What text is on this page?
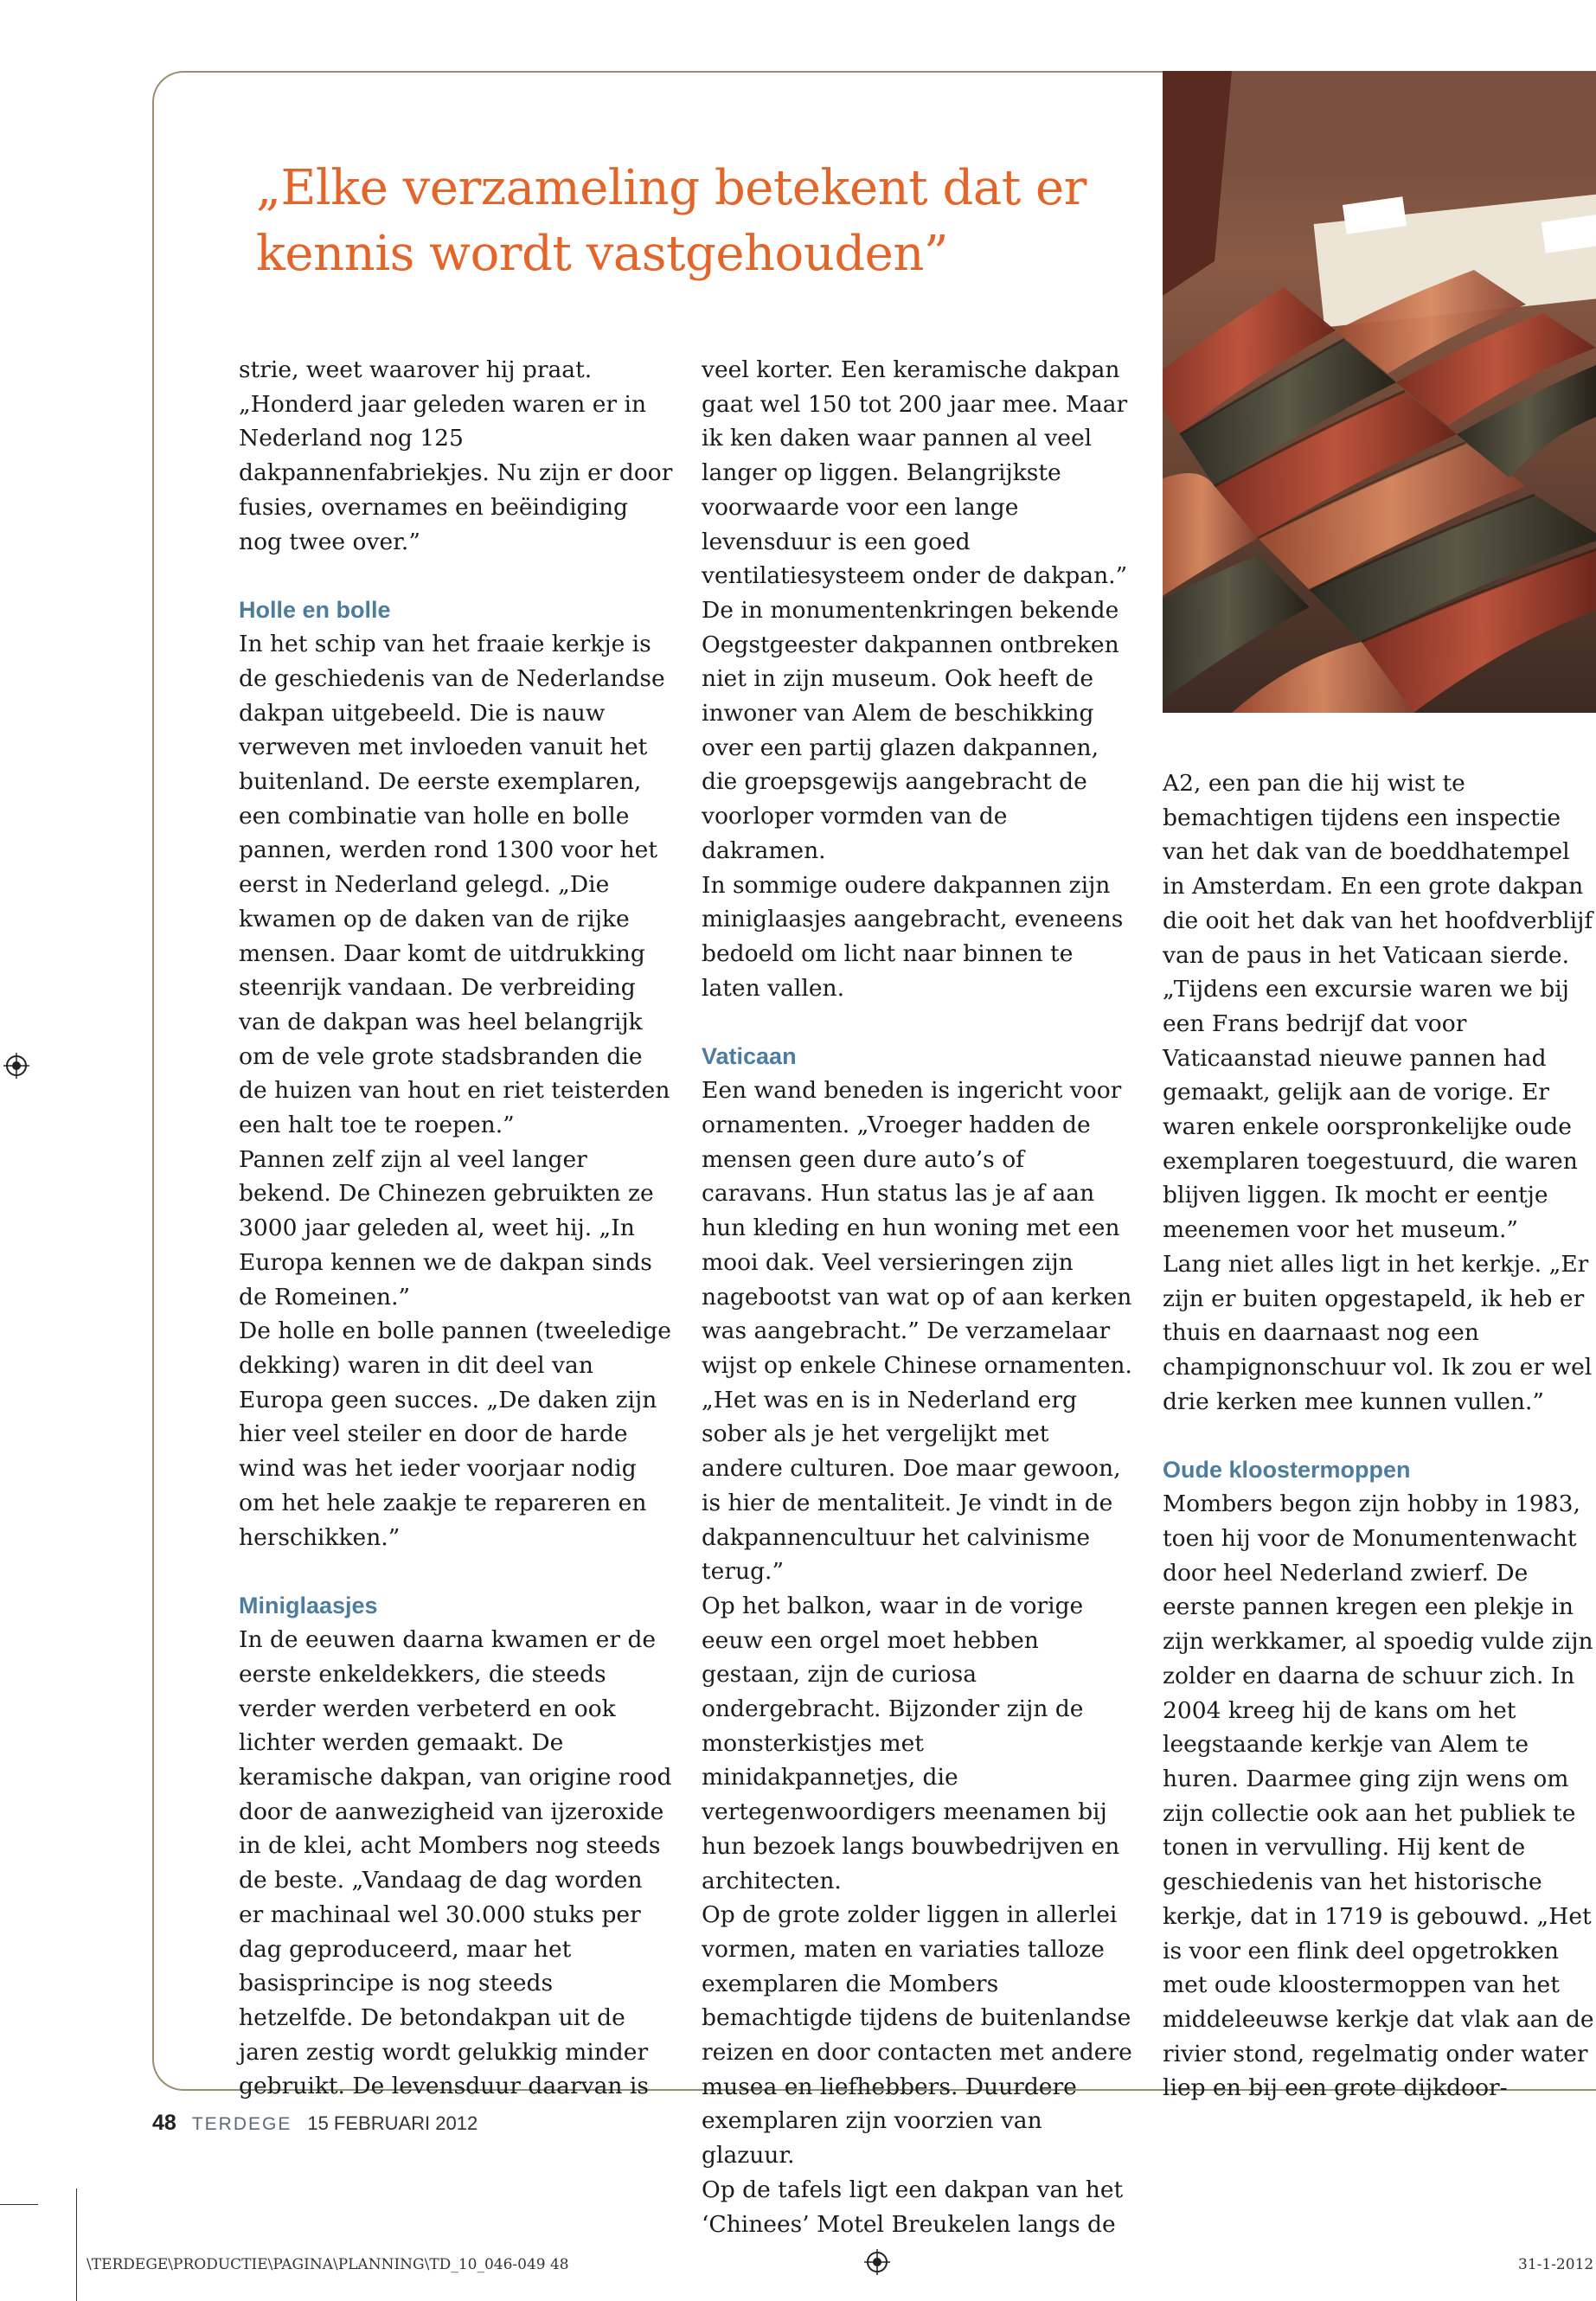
„Elke verzameling betekent dat er kennis wordt vastgehouden”

strie, weet waarover hij praat. „Honderd jaar geleden waren er in Nederland nog 125 dakpannenfabriekjes. Nu zijn er door fusies, overnames en beëindiging nog twee over.”

Holle en bolle

In het schip van het fraaie kerkje is de geschiedenis van de Nederlandse dakpan uitgebeeld. Die is nauw verweven met invloeden vanuit het buitenland. De eerste exemplaren, een combinatie van holle en bolle pannen, werden rond 1300 voor het eerst in Nederland gelegd. „Die kwamen op de daken van de rijke mensen. Daar komt de uitdrukking steenrijk vandaan. De verbreiding van de dakpan was heel belangrijk om de vele grote stadsbranden die de huizen van hout en riet teisterden een halt toe te roepen.”

Pannen zelf zijn al veel langer bekend. De Chinezen gebruikten ze 3000 jaar geleden al, weet hij. „In Europa kennen we de dakpan sinds de Romeinen.”

De holle en bolle pannen (tweeledige dekking) waren in dit deel van Europa geen succes. „De daken zijn hier veel steiler en door de harde wind was het ieder voorjaar nodig om het hele zaakje te repareren en herschikken.”

Miniglaasjes

In de eeuwen daarna kwamen er de eerste enkeldekkers, die steeds verder werden verbeterd en ook lichter werden gemaakt. De keramische dakpan, van origine rood door de aanwezigheid van ijzeroxide in de klei, acht Mombers nog steeds de beste. „Vandaag de dag worden er machinaal wel 30.000 stuks per dag geproduceerd, maar het basisprincipe is nog steeds hetzelfde. De betondakpan uit de jaren zestig wordt gelukkig minder gebruikt. De levensduur daarvan is

veel korter. Een keramische dakpan gaat wel 150 tot 200 jaar mee. Maar ik ken daken waar pannen al veel langer op liggen. Belangrijkste voorwaarde voor een lange levensduur is een goed ventilatiesysteem onder de dakpan.”

De in monumentenkringen bekende Oegstgeester dakpannen ontbreken niet in zijn museum. Ook heeft de inwoner van Alem de beschikking over een partij glazen dakpannen, die groepsgewijs aangebracht de voorloper vormden van de dakramen.

In sommige oudere dakpannen zijn miniglaasjes aangebracht, eveneens bedoeld om licht naar binnen te laten vallen.

Vaticaan

Een wand beneden is ingericht voor ornamenten. „Vroeger hadden de mensen geen dure auto’s of caravans. Hun status las je af aan hun kleding en hun woning met een mooi dak. Veel versieringen zijn nagebootst van wat op of aan kerken was aangebracht.” De verzamelaar wijst op enkele Chinese ornamenten. „Het was en is in Nederland erg sober als je het vergelijkt met andere culturen. Doe maar gewoon, is hier de mentaliteit. Je vindt in de dakpannencultuur het calvinisme terug.”

Op het balkon, waar in de vorige eeuw een orgel moet hebben gestaan, zijn de curiosa ondergebracht. Bijzonder zijn de monsterkistjes met minidakpannetjes, die vertegenwoordigers meenamen bij hun bezoek langs bouwbedrijven en architecten.

Op de grote zolder liggen in allerlei vormen, maten en variaties talloze exemplaren die Mombers bemachtigde tijdens de buitenlandse reizen en door contacten met andere musea en liefhebbers. Duurdere exemplaren zijn voorzien van glazuur.

Op de tafels ligt een dakpan van het ‘Chinees’ Motel Breukelen langs de

A2, een pan die hij wist te bemachtigen tijdens een inspectie van het dak van de boeddhatempel in Amsterdam. En een grote dakpan die ooit het dak van het hoofdverblijf van de paus in het Vaticaan sierde. „Tijdens een excursie waren we bij een Frans bedrijf dat voor Vaticaanstad nieuwe pannen had gemaakt, gelijk aan de vorige. Er waren enkele oorspronkelijke oude exemplaren toegestuurd, die waren blijven liggen. Ik mocht er eentje meenemen voor het museum.”

Lang niet alles ligt in het kerkje. „Er zijn er buiten opgestapeld, ik heb er thuis en daarnaast nog een champignonschuur vol. Ik zou er wel drie kerken mee kunnen vullen.”

Oude kloostermoppen

Mombers begon zijn hobby in 1983, toen hij voor de Monumentenwacht door heel Nederland zwierf. De eerste pannen kregen een plekje in zijn werkkamer, al spoedig vulde zijn zolder en daarna de schuur zich. In 2004 kreeg hij de kans om het leegstaande kerkje van Alem te huren. Daarmee ging zijn wens om zijn collectie ook aan het publiek te tonen in vervulling. Hij kent de geschiedenis van het historische kerkje, dat in 1719 is gebouwd. „Het is voor een flink deel opgetrokken met oude kloostermoppen van het middeleeuwse kerkje dat vlak aan de rivier stond, regelmatig onder water liep en bij een grote dijkdoor-

48 TERDEGE 15 FEBRUARI 2012
\TERDEGE\PRODUCTIE\PAGINA\PLANNING\TD_10_046-049 48	31-1-2012
